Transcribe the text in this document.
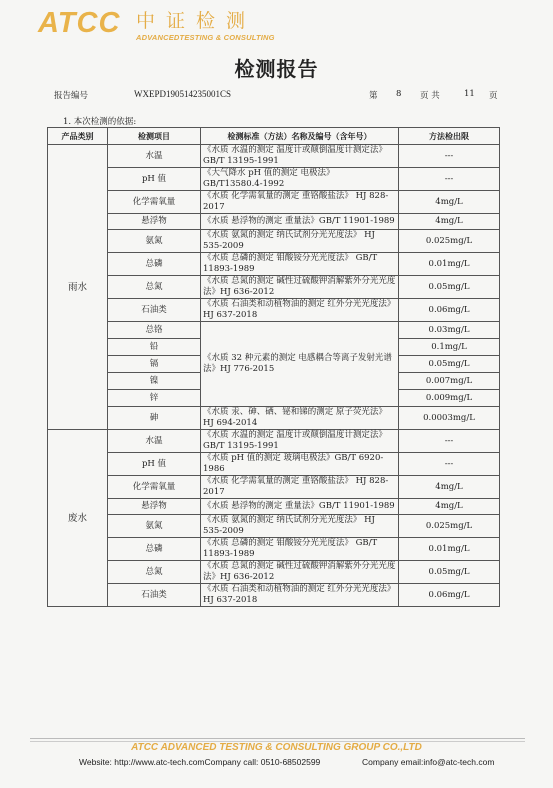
ATCC 中证检测
ADVANCEDTESTING & CONSULTING
检测报告
报告编号	WXEPD190514235001CS	第 8 页 共	11 页
1. 本次检测的依据:
产品类别	检测项目	检测标准（方法）名称及编号（含年号）	方法检出限
雨水	水温	《水质 水温的测定 温度计或颠倒温度计测定法》 GB/T 13195-1991	---
	pH 值	《大气降水 pH 值的测定 电极法》 GB/T13580.4-1992	---
	化学需氧量	《水质 化学需氧量的测定 重铬酸盐法》 HJ 828-2017	4mg/L
	悬浮物	《水质 悬浮物的测定 重量法》GB/T 11901-1989	4mg/L
	氨氮	《水质 氨氮的测定 纳氏试剂分光光度法》 HJ 535-2009	0.025mg/L
	总磷	《水质 总磷的测定 钼酸铵分光光度法》 GB/T 11893-1989	0.01mg/L
	总氮	《水质 总氮的测定 碱性过硫酸钾消解紫外分光光度法》HJ 636-2012	0.05mg/L
	石油类	《水质 石油类和动植物油的测定 红外分光光度法》 HJ 637-2018	0.06mg/L
	总铬	《水质 32 种元素的测定 电感耦合等离子发射光谱法》HJ 776-2015	0.03mg/L
	铅		0.1mg/L
	镉		0.05mg/L
	镍		0.007mg/L
	锌		0.009mg/L
	砷	《水质 汞、砷、硒、铋和锑的测定 原子荧光法》 HJ 694-2014	0.0003mg/L
废水	水温	《水质 水温的测定 温度计或颠倒温度计测定法》 GB/T 13195-1991	---
	pH 值	《水质 pH 值的测定 玻璃电极法》GB/T 6920-1986	---
	化学需氧量	《水质 化学需氧量的测定 重铬酸盐法》 HJ 828-2017	4mg/L
	悬浮物	《水质 悬浮物的测定 重量法》GB/T 11901-1989	4mg/L
	氨氮	《水质 氨氮的测定 纳氏试剂分光光度法》 HJ 535-2009	0.025mg/L
	总磷	《水质 总磷的测定 钼酸铵分光光度法》 GB/T 11893-1989	0.01mg/L
	总氮	《水质 总氮的测定 碱性过硫酸钾消解紫外分光光度法》HJ 636-2012	0.05mg/L
	石油类	《水质 石油类和动植物油的测定 红外分光光度法》 HJ 637-2018	0.06mg/L
ATCC ADVANCED TESTING & CONSULTING GROUP CO.,LTD
Website: http://www.atc-tech.comCompany call: 0510-68502599	Company email:info@atc-tech.com
